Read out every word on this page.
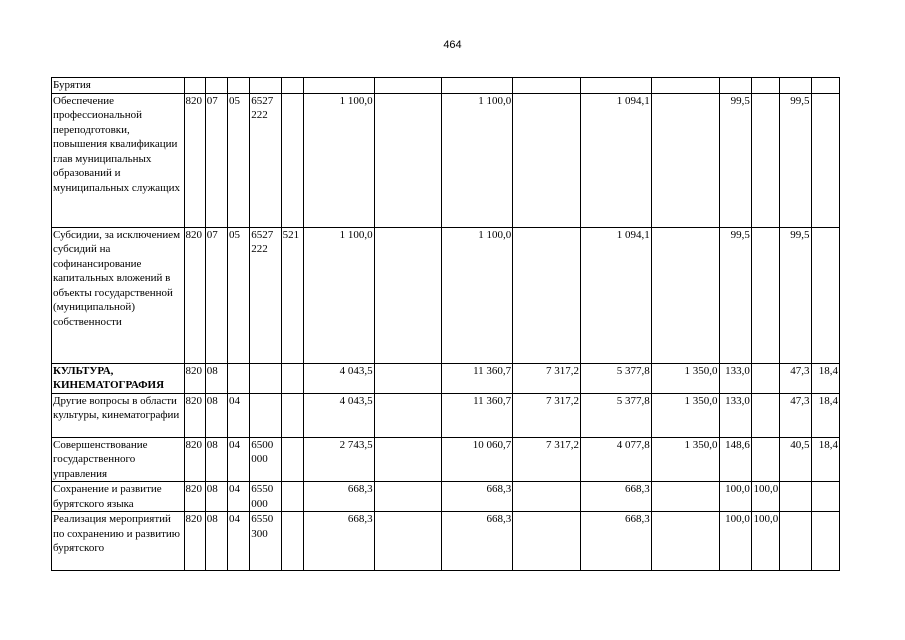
464
Бурятия															
Обеспечение профессиональной переподготовки, повышения квалификации глав муниципальных образований и муниципальных служащих	820	07	05	6527 222		1 100,0		1 100,0		1 094,1		99,5		99,5	
Субсидии, за исключением субсидий на софинансирование капитальных вложений в объекты государственной (муниципальной) собственности	820	07	05	6527 222	521	1 100,0		1 100,0		1 094,1		99,5		99,5	
КУЛЬТУРА, КИНЕМАТОГРАФИЯ	820	08				4 043,5		11 360,7	7 317,2	5 377,8	1 350,0	133,0		47,3	18,4
Другие вопросы в области культуры, кинематографии	820	08	04			4 043,5		11 360,7	7 317,2	5 377,8	1 350,0	133,0		47,3	18,4
Совершенствование государственного управления	820	08	04	6500 000		2 743,5		10 060,7	7 317,2	4 077,8	1 350,0	148,6		40,5	18,4
Сохранение и развитие бурятского языка	820	08	04	6550 000		668,3		668,3		668,3		100,0	100,0		
Реализация мероприятий по сохранению и развитию бурятского	820	08	04	6550 300		668,3		668,3		668,3		100,0	100,0		
